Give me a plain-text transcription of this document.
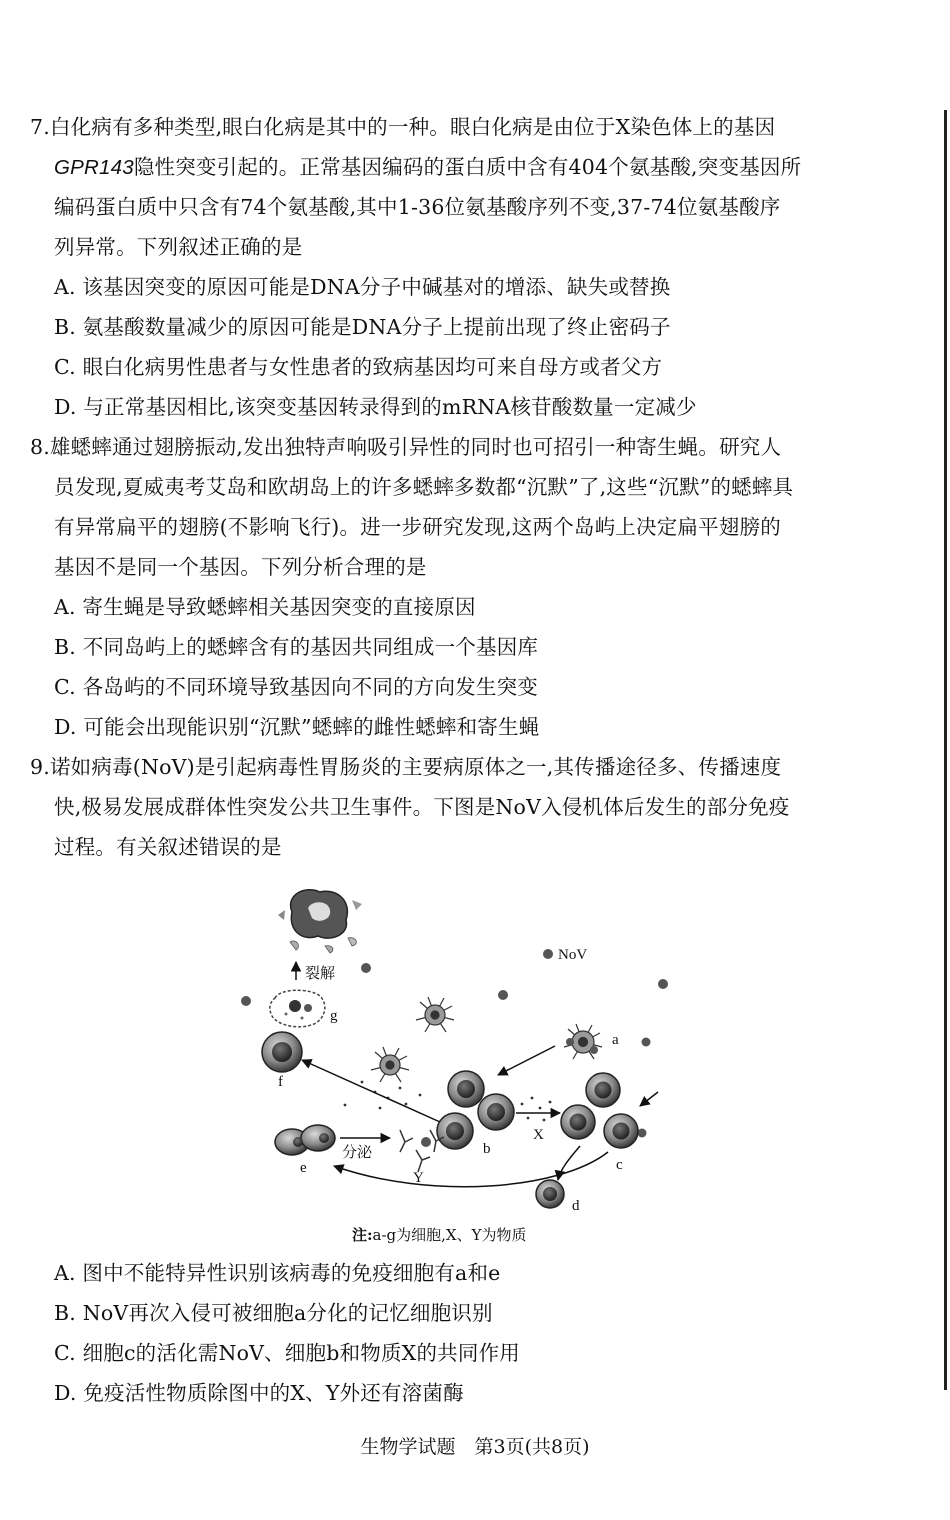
7.白化病有多种类型,眼白化病是其中的一种。眼白化病是由位于X染色体上的基因
GPR143隐性突变引起的。正常基因编码的蛋白质中含有404个氨基酸,突变基因所
编码蛋白质中只含有74个氨基酸,其中1-36位氨基酸序列不变,37-74位氨基酸序
列异常。下列叙述正确的是
A. 该基因突变的原因可能是DNA分子中碱基对的增添、缺失或替换
B. 氨基酸数量减少的原因可能是DNA分子上提前出现了终止密码子
C. 眼白化病男性患者与女性患者的致病基因均可来自母方或者父方
D. 与正常基因相比,该突变基因转录得到的mRNA核苷酸数量一定减少
8.雄蟋蟀通过翅膀振动,发出独特声响吸引异性的同时也可招引一种寄生蝇。研究人
员发现,夏威夷考艾岛和欧胡岛上的许多蟋蟀多数都“沉默”了,这些“沉默”的蟋蟀具
有异常扁平的翅膀(不影响飞行)。进一步研究发现,这两个岛屿上决定扁平翅膀的
基因不是同一个基因。下列分析合理的是
A. 寄生蝇是导致蟋蟀相关基因突变的直接原因
B. 不同岛屿上的蟋蟀含有的基因共同组成一个基因库
C. 各岛屿的不同环境导致基因向不同的方向发生突变
D. 可能会出现能识别“沉默”蟋蟀的雌性蟋蟀和寄生蝇
9.诺如病毒(NoV)是引起病毒性胃肠炎的主要病原体之一,其传播途径多、传播速度
快,极易发展成群体性突发公共卫生事件。下图是NoV入侵机体后发生的部分免疫
过程。有关叙述错误的是
裂解
NoV
g
f
a
b
X
c
d
e
分泌
Y
注:a-g为细胞,X、Y为物质
A. 图中不能特异性识别该病毒的免疫细胞有a和e
B. NoV再次入侵可被细胞a分化的记忆细胞识别
C. 细胞c的活化需NoV、细胞b和物质X的共同作用
D. 免疫活性物质除图中的X、Y外还有溶菌酶
生物学试题　第3页(共8页)
